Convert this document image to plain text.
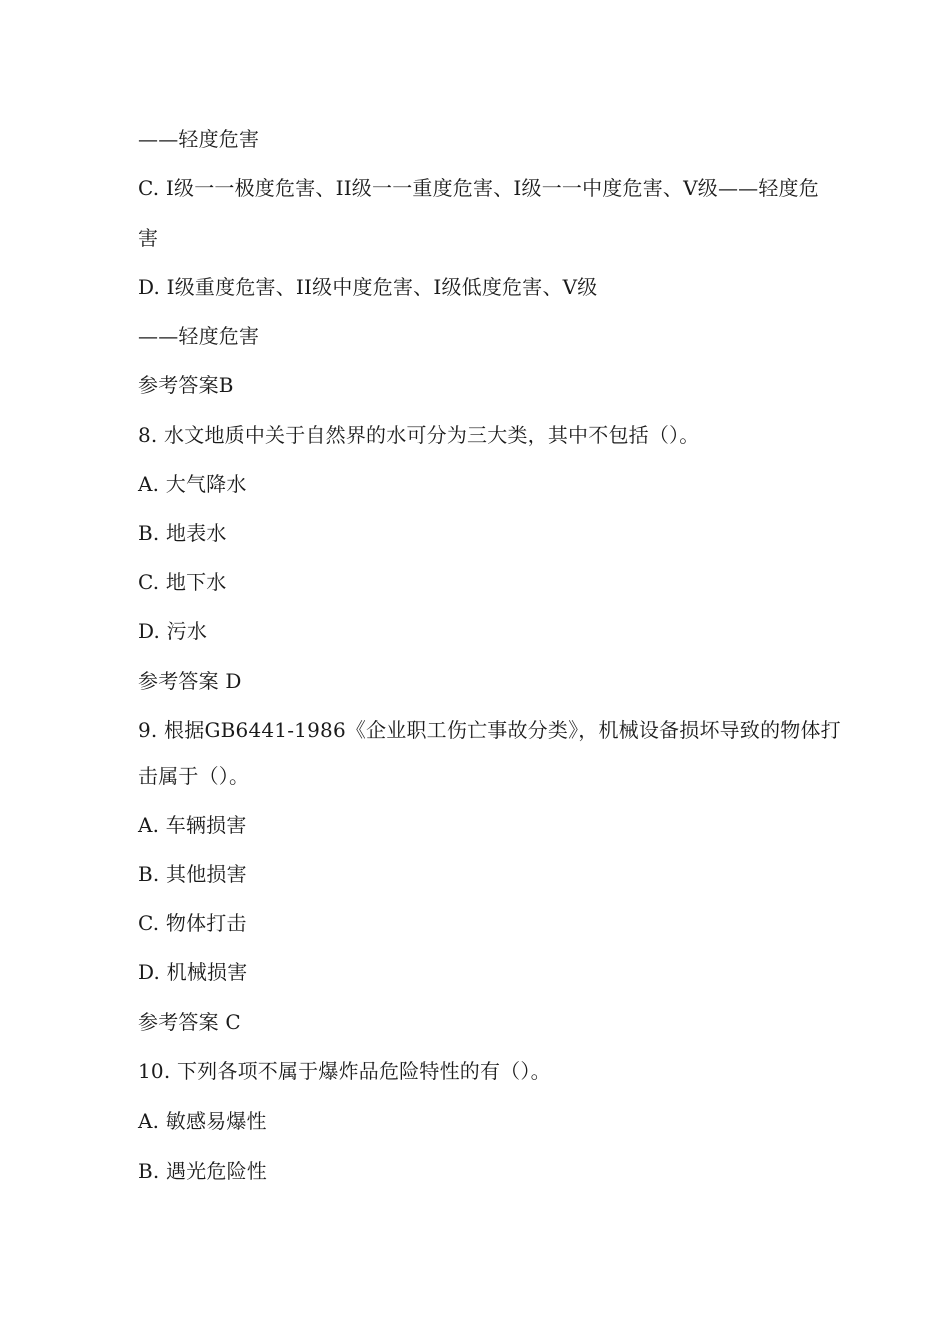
——轻度危害
C. I级一一极度危害、II级一一重度危害、I级一一中度危害、V级——轻度危
害
D. I级重度危害、II级中度危害、I级低度危害、V级
——轻度危害
参考答案B
8. 水文地质中关于自然界的水可分为三大类，其中不包括（）。
A. 大气降水
B. 地表水
C. 地下水
D. 污水
参考答案 D
9. 根据GB6441-1986《企业职工伤亡事故分类》，机械设备损坏导致的物体打
击属于（）。
A. 车辆损害
B. 其他损害
C. 物体打击
D. 机械损害
参考答案 C
10. 下列各项不属于爆炸品危险特性的有（）。
A. 敏感易爆性
B. 遇光危险性
